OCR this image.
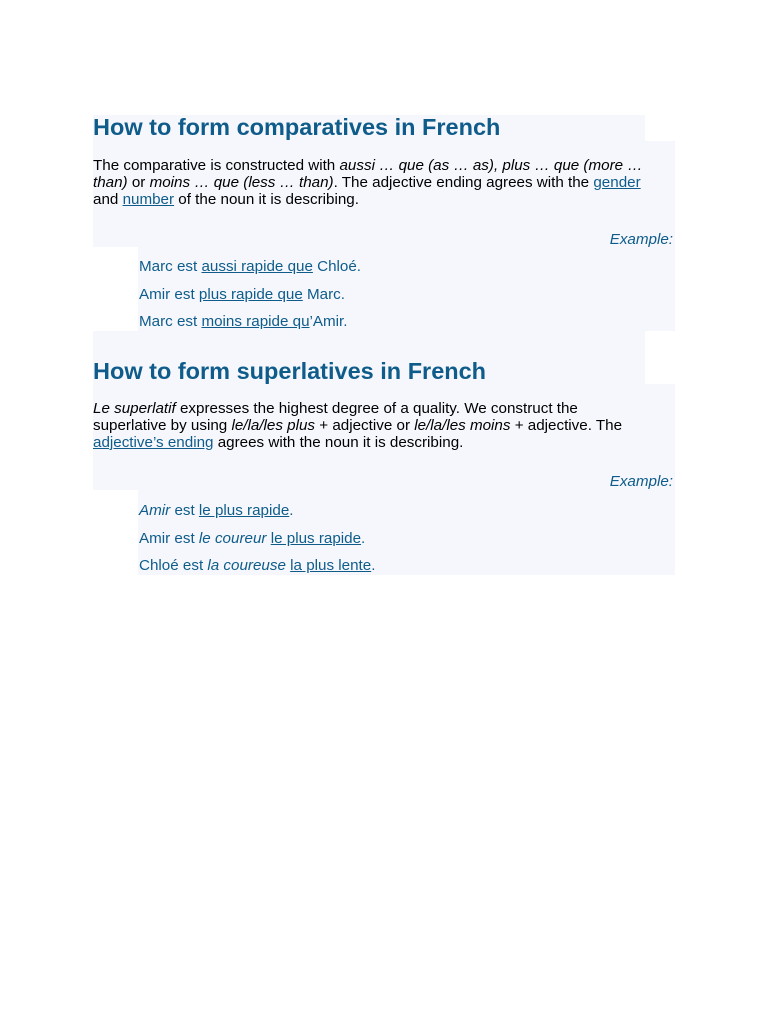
How to form comparatives in French

The comparative is constructed with aussi … que (as … as), plus … que (more … than) or moins … que (less … than). The adjective ending agrees with the gender and number of the noun it is describing.

Example:
Marc est aussi rapide que Chloé.
Amir est plus rapide que Marc.
Marc est moins rapide qu’Amir.
How to form superlatives in French

Le superlatif expresses the highest degree of a quality. We construct the superlative by using le/la/les plus + adjective or le/la/les moins + adjective. The adjective’s ending agrees with the noun it is describing.

Example:
Amir est le plus rapide.
Amir est le coureur le plus rapide.
Chloé est la coureuse la plus lente.
